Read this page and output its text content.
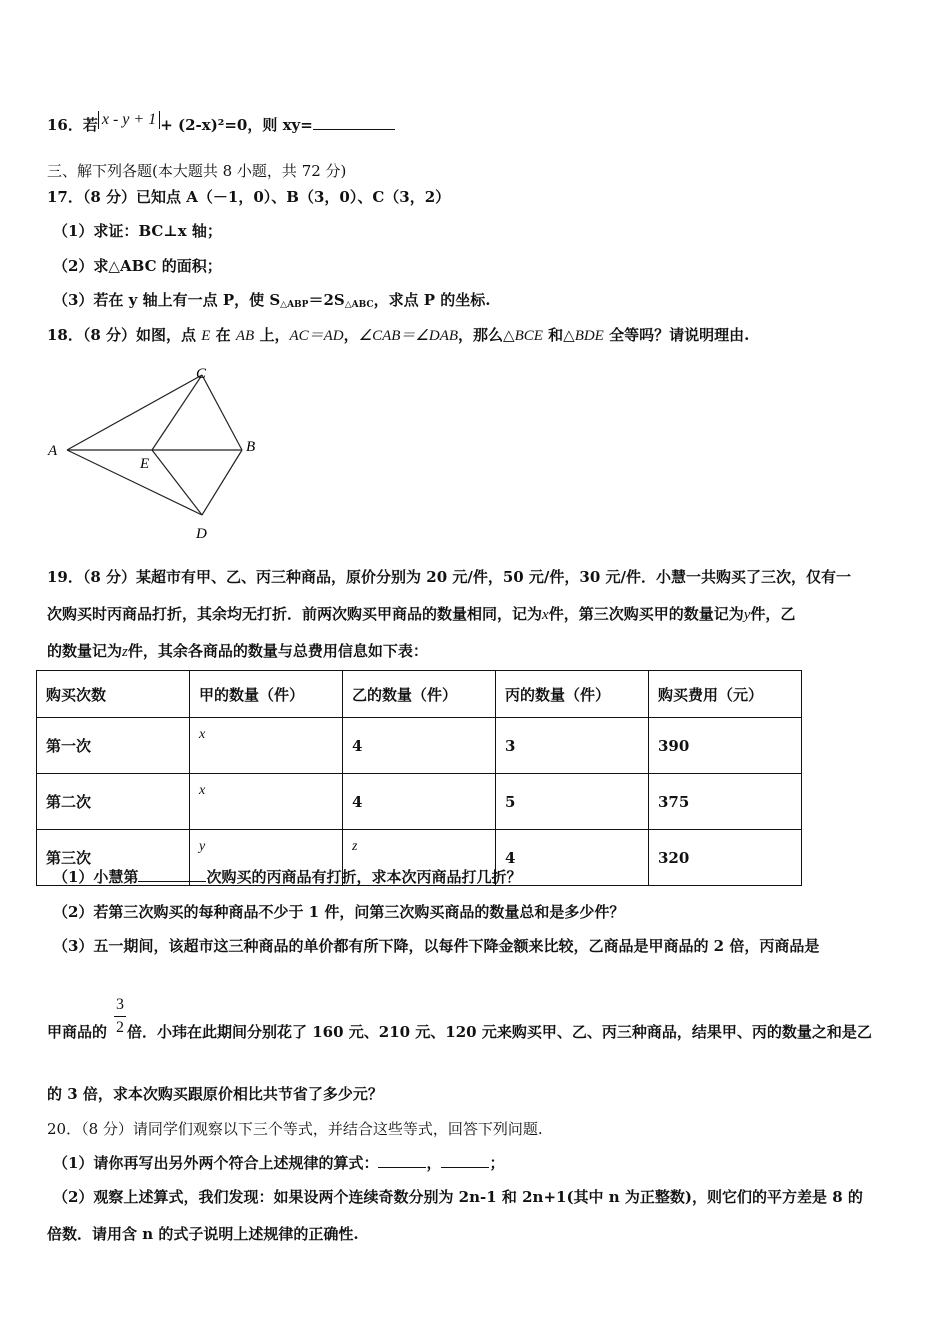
16．若 x - y + 1 + (2-x)²=0，则 xy=
三、解下列各题(本大题共 8 小题，共 72 分)
17．（8 分）已知点 A（－1，0）、B（3，0）、C（3，2）
（1）求证：BC⊥x 轴；
（2）求△ABC 的面积；
（3）若在 y 轴上有一点 P，使 $S_{\triangle ABP}=2S_{\triangle ABC}$，求点 P 的坐标.
18．（8 分）如图，点 E 在 AB 上，AC＝AD，∠CAB＝∠DAB，那么△BCE 和△BDE 全等吗？请说明理由.
A	B
C
D
E
19．（8 分）某超市有甲、乙、丙三种商品，原价分别为 20 元/件，50 元/件，30 元/件．小慧一共购买了三次，仅有一
次购买时丙商品打折，其余均无打折．前两次购买甲商品的数量相同，记为x件，第三次购买甲的数量记为y件，乙
的数量记为z件，其余各商品的数量与总费用信息如下表：
购买次数	甲的数量（件）	乙的数量（件）	丙的数量（件）	购买费用（元）
第一次	x	4	3	390
第二次	x	4	5	375
第三次	y	z	4	320
（1）小慧第	次购买的丙商品有打折，求本次丙商品打几折？
（2）若第三次购买的每种商品不少于 1 件，问第三次购买商品的数量总和是多少件？
（3）五一期间，该超市这三种商品的单价都有所下降，以每件下降金额来比较，乙商品是甲商品的 2 倍，丙商品是
3
2
甲商品的 倍．小玮在此期间分别花了 160 元、210 元、120 元来购买甲、乙、丙三种商品，结果甲、丙的数量之和是乙
的 3 倍，求本次购买跟原价相比共节省了多少元？
20．（8 分）请同学们观察以下三个等式，并结合这些等式，回答下列问题.
（1）请你再写出另外两个符合上述规律的算式：	，	；
（2）观察上述算式，我们发现：如果设两个连续奇数分别为 2n-1 和 2n+1(其中 n 为正整数)，则它们的平方差是 8 的
倍数．请用含 n 的式子说明上述规律的正确性.
